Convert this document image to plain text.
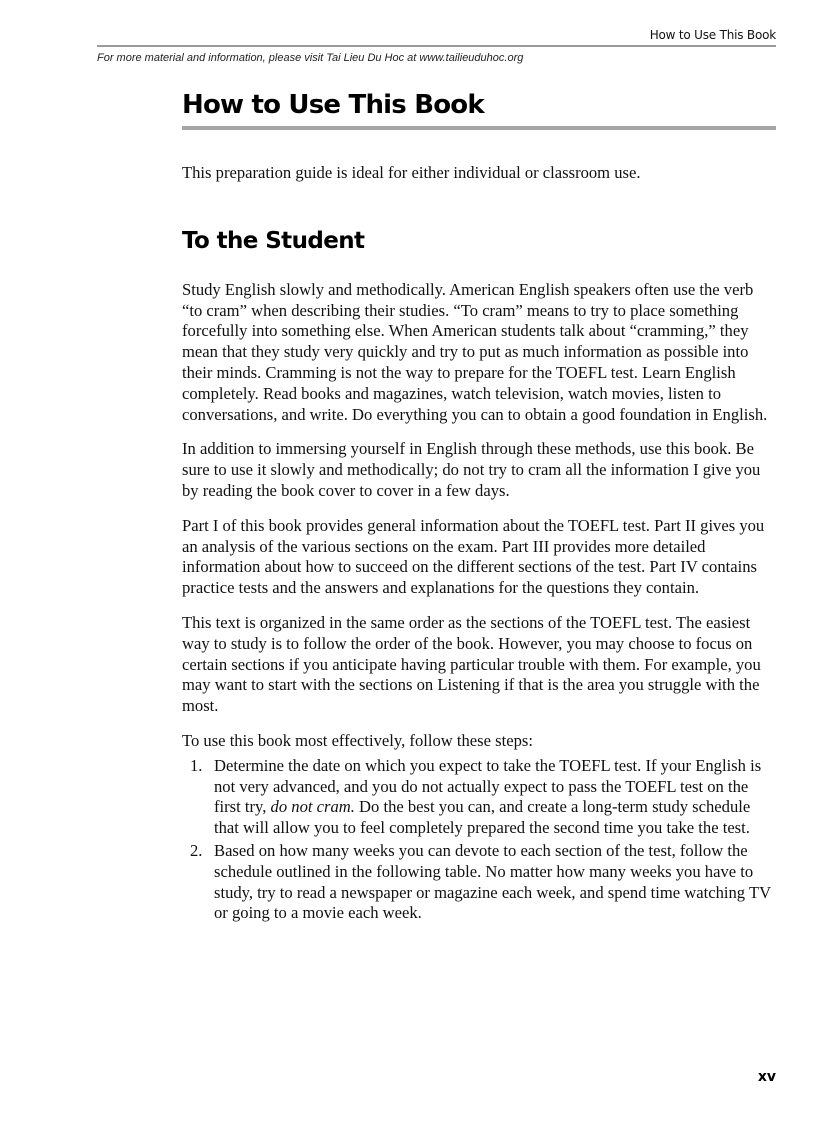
How to Use This Book
For more material and information, please visit Tai Lieu Du Hoc at www.tailieuduhoc.org
How to Use This Book

This preparation guide is ideal for either individual or classroom use.

To the Student

Study English slowly and methodically. American English speakers often use the verb “to cram” when describing their studies. “To cram” means to try to place something forcefully into something else. When American students talk about “cramming,” they mean that they study very quickly and try to put as much information as possible into their minds. Cramming is not the way to prepare for the TOEFL test. Learn English completely. Read books and magazines, watch television, watch movies, listen to conversations, and write. Do everything you can to obtain a good foundation in English.

In addition to immersing yourself in English through these methods, use this book. Be sure to use it slowly and methodically; do not try to cram all the information I give you by reading the book cover to cover in a few days.

Part I of this book provides general information about the TOEFL test. Part II gives you an analysis of the various sections on the exam. Part III provides more detailed information about how to succeed on the different sections of the test. Part IV contains practice tests and the answers and explanations for the questions they contain.

This text is organized in the same order as the sections of the TOEFL test. The easiest way to study is to follow the order of the book. However, you may choose to focus on certain sections if you anticipate having particular trouble with them. For example, you may want to start with the sections on Listening if that is the area you struggle with the most.

To use this book most effectively, follow these steps:

1. Determine the date on which you expect to take the TOEFL test. If your English is not very advanced, and you do not actually expect to pass the TOEFL test on the first try, do not cram. Do the best you can, and create a long-term study schedule that will allow you to feel completely prepared the second time you take the test.
2. Based on how many weeks you can devote to each section of the test, follow the schedule outlined in the following table. No matter how many weeks you have to study, try to read a newspaper or magazine each week, and spend time watching TV or going to a movie each week.
xv
